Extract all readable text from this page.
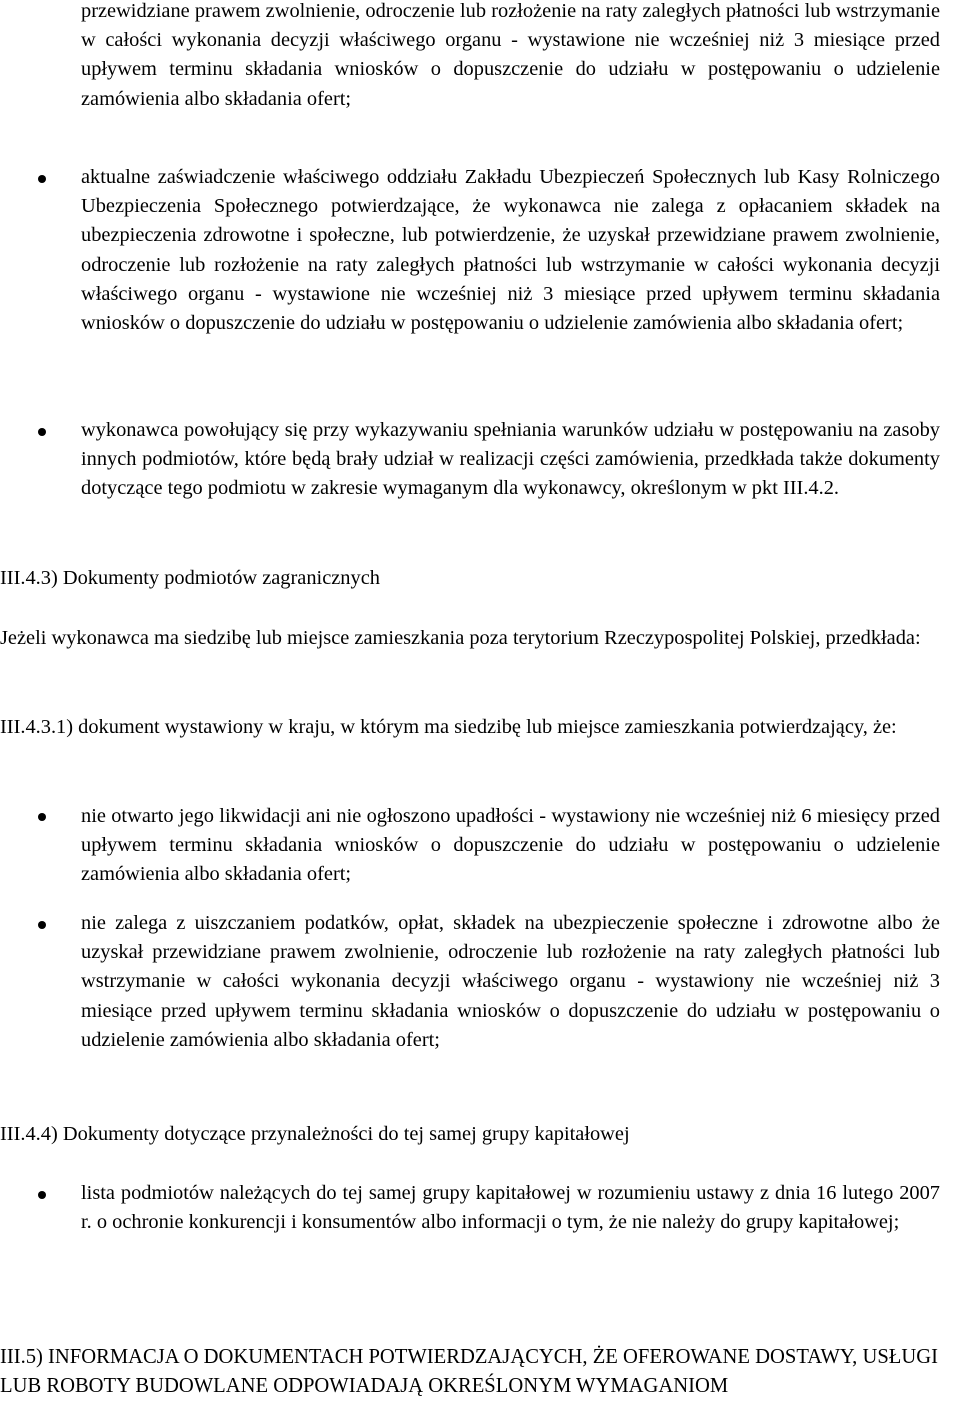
przewidziane prawem zwolnienie, odroczenie lub rozłożenie na raty zaległych płatności lub wstrzymanie w całości wykonania decyzji właściwego organu - wystawione nie wcześniej niż 3 miesiące przed upływem terminu składania wniosków o dopuszczenie do udziału w postępowaniu o udzielenie zamówienia albo składania ofert;

aktualne zaświadczenie właściwego oddziału Zakładu Ubezpieczeń Społecznych lub Kasy Rolniczego Ubezpieczenia Społecznego potwierdzające, że wykonawca nie zalega z opłacaniem składek na ubezpieczenia zdrowotne i społeczne, lub potwierdzenie, że uzyskał przewidziane prawem zwolnienie, odroczenie lub rozłożenie na raty zaległych płatności lub wstrzymanie w całości wykonania decyzji właściwego organu - wystawione nie wcześniej niż 3 miesiące przed upływem terminu składania wniosków o dopuszczenie do udziału w postępowaniu o udzielenie zamówienia albo składania ofert;

wykonawca powołujący się przy wykazywaniu spełniania warunków udziału w postępowaniu na zasoby innych podmiotów, które będą brały udział w realizacji części zamówienia, przedkłada także dokumenty dotyczące tego podmiotu w zakresie wymaganym dla wykonawcy, określonym w pkt III.4.2.

III.4.3) Dokumenty podmiotów zagranicznych

Jeżeli wykonawca ma siedzibę lub miejsce zamieszkania poza terytorium Rzeczypospolitej Polskiej, przedkłada:

III.4.3.1) dokument wystawiony w kraju, w którym ma siedzibę lub miejsce zamieszkania potwierdzający, że:

nie otwarto jego likwidacji ani nie ogłoszono upadłości - wystawiony nie wcześniej niż 6 miesięcy przed upływem terminu składania wniosków o dopuszczenie do udziału w postępowaniu o udzielenie zamówienia albo składania ofert;

nie zalega z uiszczaniem podatków, opłat, składek na ubezpieczenie społeczne i zdrowotne albo że uzyskał przewidziane prawem zwolnienie, odroczenie lub rozłożenie na raty zaległych płatności lub wstrzymanie w całości wykonania decyzji właściwego organu - wystawiony nie wcześniej niż 3 miesiące przed upływem terminu składania wniosków o dopuszczenie do udziału w postępowaniu o udzielenie zamówienia albo składania ofert;

III.4.4) Dokumenty dotyczące przynależności do tej samej grupy kapitałowej

lista podmiotów należących do tej samej grupy kapitałowej w rozumieniu ustawy z dnia 16 lutego 2007 r. o ochronie konkurencji i konsumentów albo informacji o tym, że nie należy do grupy kapitałowej;

III.5) INFORMACJA O DOKUMENTACH POTWIERDZAJĄCYCH, ŻE OFEROWANE DOSTAWY, USŁUGI LUB ROBOTY BUDOWLANE ODPOWIADAJĄ OKREŚLONYM WYMAGANIOM
